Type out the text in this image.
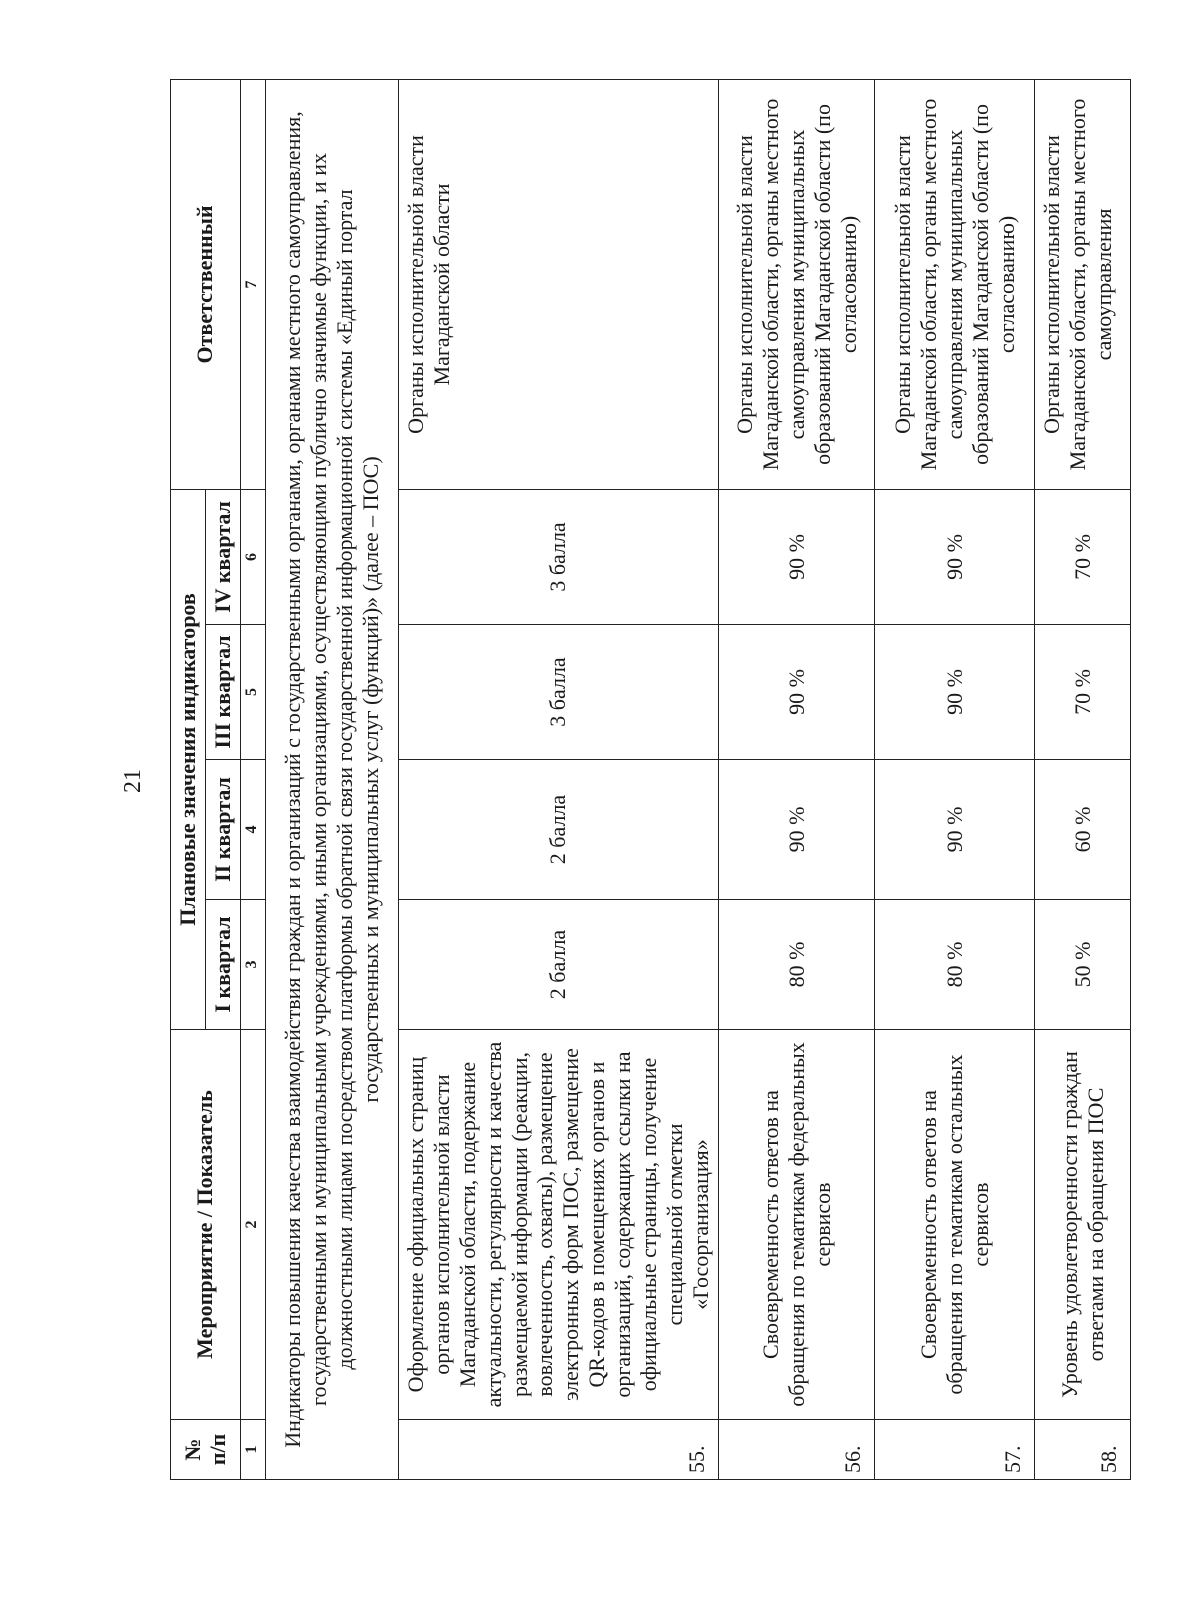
21
№
п/п	Мероприятие / Показатель	Плановые значения индикаторов				Ответственный
		I квартал	II квартал	III квартал	IV квартал	
1	2	3	4	5	6	7
Индикаторы повышения качества взаимодействия граждан и организаций с государственными органами, органами местного самоуправления, государственными и муниципальными учреждениями, иными организациями, осуществляющими публично значимые функции, и их должностными лицами посредством платформы обратной связи государственной информационной системы «Единый портал государственных и муниципальных услуг (функций)» (далее – ПОС)						
55.	Оформление официальных страниц органов исполнительной власти Магаданской области, подержание актуальности, регулярности и качества размещаемой информации (реакции, вовлеченность, охваты), размещение электронных форм ПОС, размещение QR-кодов в помещениях органов и организаций, содержащих ссылки на официальные страницы, получение специальной отметки «Госорганизация»	2 балла	2 балла	3 балла	3 балла	Органы исполнительной власти Магаданской области
56.	Своевременность ответов на обращения по тематикам федеральных сервисов	80 %	90 %	90 %	90 %	Органы исполнительной власти Магаданской области, органы местного самоуправления муниципальных образований Магаданской области (по согласованию)
57.	Своевременность ответов на обращения по тематикам остальных сервисов	80 %	90 %	90 %	90 %	Органы исполнительной власти Магаданской области, органы местного самоуправления муниципальных образований Магаданской области (по согласованию)
58.	Уровень удовлетворенности граждан ответами на обращения ПОС	50 %	60 %	70 %	70 %	Органы исполнительной власти Магаданской области, органы местного самоуправления
